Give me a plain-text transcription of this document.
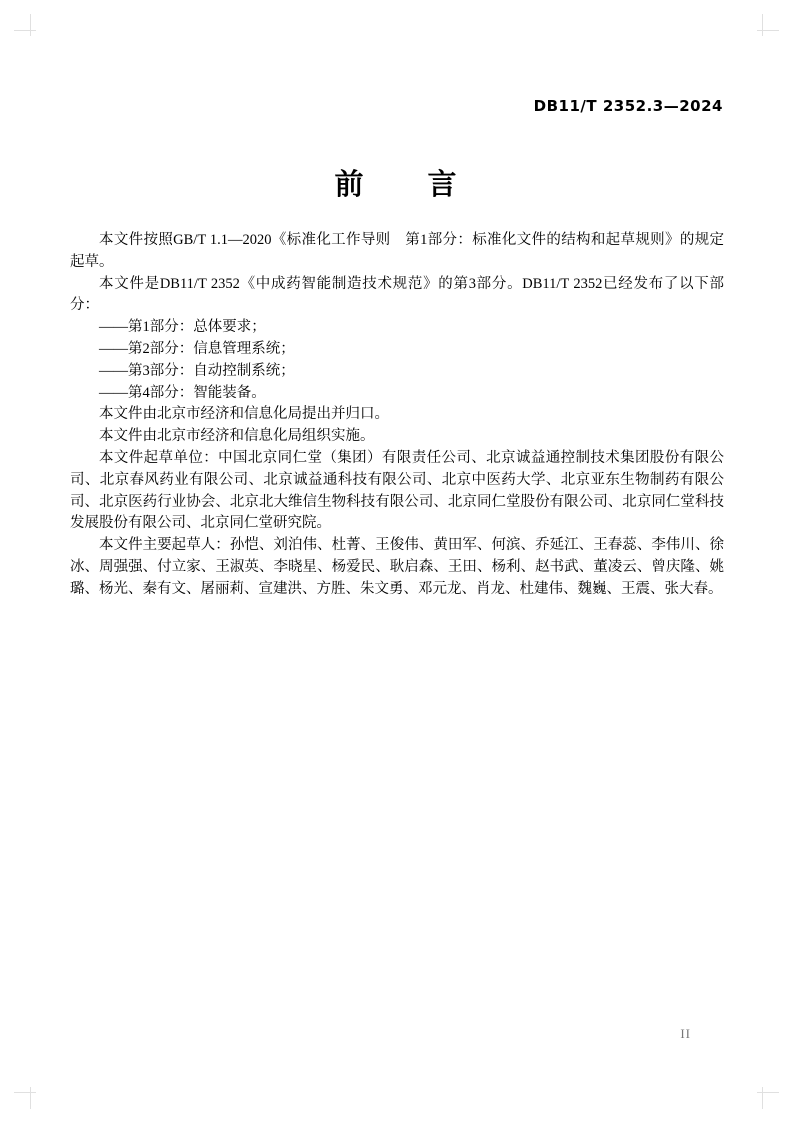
DB11/T 2352.3—2024
前　　言

本文件按照GB/T 1.1—2020《标准化工作导则　第1部分：标准化文件的结构和起草规则》的规定起草。

本文件是DB11/T 2352《中成药智能制造技术规范》的第3部分。DB11/T 2352已经发布了以下部分：

——第1部分：总体要求；

——第2部分：信息管理系统；

——第3部分：自动控制系统；

——第4部分：智能装备。

本文件由北京市经济和信息化局提出并归口。

本文件由北京市经济和信息化局组织实施。

本文件起草单位：中国北京同仁堂（集团）有限责任公司、北京诚益通控制技术集团股份有限公司、北京春风药业有限公司、北京诚益通科技有限公司、北京中医药大学、北京亚东生物制药有限公司、北京医药行业协会、北京北大维信生物科技有限公司、北京同仁堂股份有限公司、北京同仁堂科技发展股份有限公司、北京同仁堂研究院。

本文件主要起草人：孙恺、刘泊伟、杜菁、王俊伟、黄田军、何滨、乔延江、王春蕊、李伟川、徐冰、周强强、付立家、王淑英、李晓星、杨爱民、耿启森、王田、杨利、赵书武、董凌云、曾庆隆、姚璐、杨光、秦有文、屠丽莉、宣建洪、方胜、朱文勇、邓元龙、肖龙、杜建伟、魏巍、王震、张大春。

II
